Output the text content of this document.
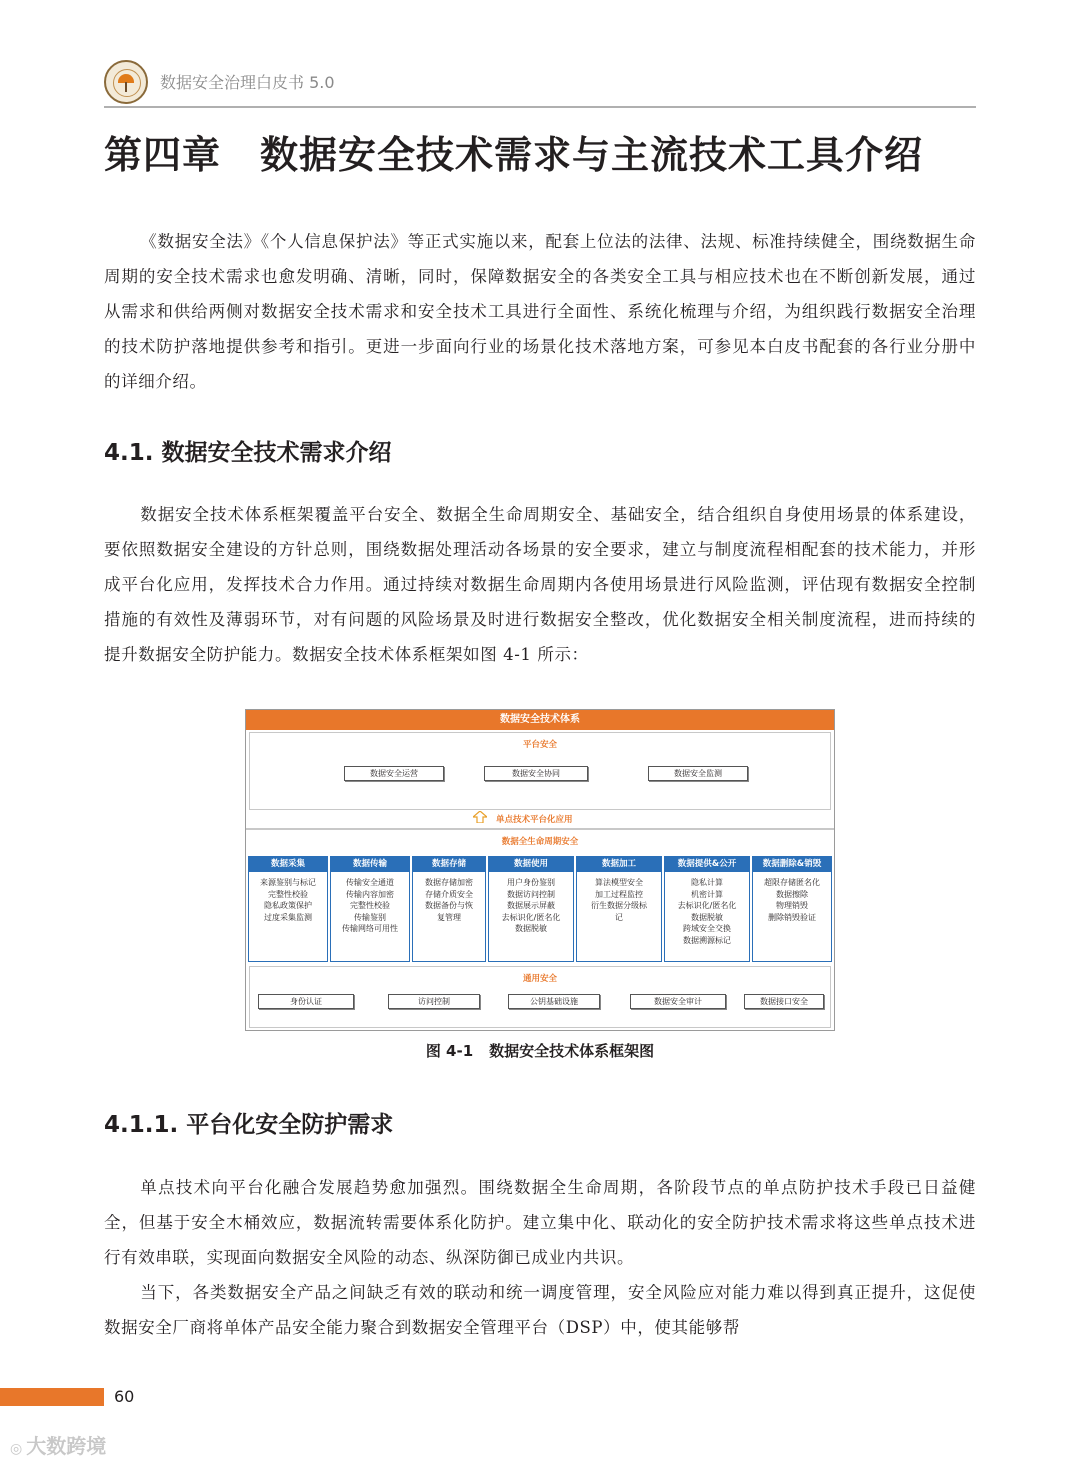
数据安全治理白皮书 5.0
第四章　数据安全技术需求与主流技术工具介绍

《数据安全法》《个人信息保护法》等正式实施以来，配套上位法的法律、法规、标准持续健全，围绕数据生命周期的安全技术需求也愈发明确、清晰，同时，保障数据安全的各类安全工具与相应技术也在不断创新发展，通过从需求和供给两侧对数据安全技术需求和安全技术工具进行全面性、系统化梳理与介绍，为组织践行数据安全治理的技术防护落地提供参考和指引。更进一步面向行业的场景化技术落地方案，可参见本白皮书配套的各行业分册中的详细介绍。

4.1. 数据安全技术需求介绍

数据安全技术体系框架覆盖平台安全、数据全生命周期安全、基础安全，结合组织自身使用场景的体系建设，要依照数据安全建设的方针总则，围绕数据处理活动各场景的安全要求，建立与制度流程相配套的技术能力，并形成平台化应用，发挥技术合力作用。通过持续对数据生命周期内各使用场景进行风险监测，评估现有数据安全控制措施的有效性及薄弱环节，对有问题的风险场景及时进行数据安全整改，优化数据安全相关制度流程，进而持续的提升数据安全防护能力。数据安全技术体系框架如图 4-1 所示：

数据安全技术体系
平台安全
数据安全运营	数据安全协同	数据安全监测
单点技术平台化应用
数据全生命周期安全
数据采集
来源鉴别与标记
完整性校验
隐私政策保护
过度采集监测
数据传输
传输安全通道
传输内容加密
完整性校验
传输鉴别
传输网络可用性
数据存储
数据存储加密
存储介质安全
数据备份与恢
复管理
数据使用
用户身份鉴别
数据访问控制
数据展示屏蔽
去标识化/匿名化
数据脱敏
数据加工
算法模型安全
加工过程监控
衍生数据分级标
记
数据提供&公开
隐私计算
机密计算
去标识化/匿名化
数据脱敏
跨域安全交换
数据溯源标记
数据删除&销毁
超限存储匿名化
数据擦除
物理销毁
删除销毁验证
通用安全
身份认证	访问控制	公钥基础设施	数据安全审计	数据接口安全
图 4-1 数据安全技术体系框架图
4.1.1. 平台化安全防护需求

单点技术向平台化融合发展趋势愈加强烈。围绕数据全生命周期，各阶段节点的单点防护技术手段已日益健全，但基于安全木桶效应，数据流转需要体系化防护。建立集中化、联动化的安全防护技术需求将这些单点技术进行有效串联，实现面向数据安全风险的动态、纵深防御已成业内共识。

当下，各类数据安全产品之间缺乏有效的联动和统一调度管理，安全风险应对能力难以得到真正提升，这促使数据安全厂商将单体产品安全能力聚合到数据安全管理平台（DSP）中，使其能够帮

60
◎ 大数跨境
